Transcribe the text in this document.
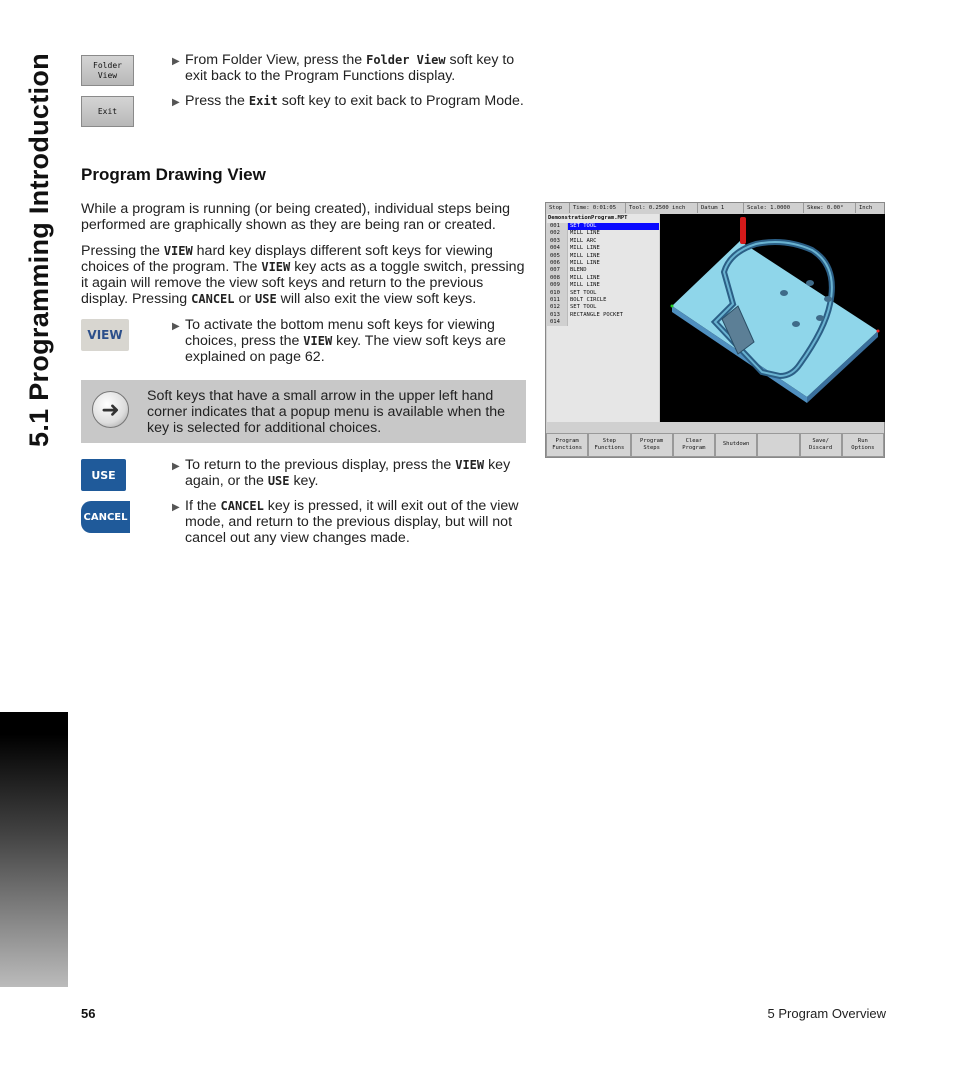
5.1 Programming Introduction	Folder
View
▶ From Folder View, press the Folder View soft key to exit back to the Program Functions display.
Exit
▶ Press the Exit soft key to exit back to Program Mode.
Program Drawing View
While a program is running (or being created), individual steps being performed are graphically shown as they are being ran or created.
Pressing the VIEW hard key displays different soft keys for viewing choices of the program. The VIEW key acts as a toggle switch, pressing it again will remove the view soft keys and return to the previous display. Pressing CANCEL or USE will also exit the view soft keys.
VIEW
▶ To activate the bottom menu soft keys for viewing choices, press the VIEW key. The view soft keys are explained on page 62.
➜
Soft keys that have a small arrow in the upper left hand corner indicates that a popup menu is available when the key is selected for additional choices.
USE
▶ To return to the previous display, press the VIEW key again, or the USE key.
CANCEL
▶ If the CANCEL key is pressed, it will exit out of the view mode, and return to the previous display, but will not cancel out any view changes made.
Stop	Time: 0:01:05	Tool: 0.2500 inch	Datum 1	Scale: 1.0000	Skew: 0.00°	Inch
DemonstrationProgram.MPT
001	SET TOOL
002	MILL LINE
003	MILL ARC
004	MILL LINE
005	MILL LINE
006	MILL LINE
007	BLEND
008	MILL LINE
009	MILL LINE
010	SET TOOL
011	BOLT CIRCLE
012	SET TOOL
013	RECTANGLE POCKET
014
Program
Functions
Step
Functions
Program
Steps
Clear
Program
Shutdown

Save/
Discard
Run
Options
56	5 Program Overview
